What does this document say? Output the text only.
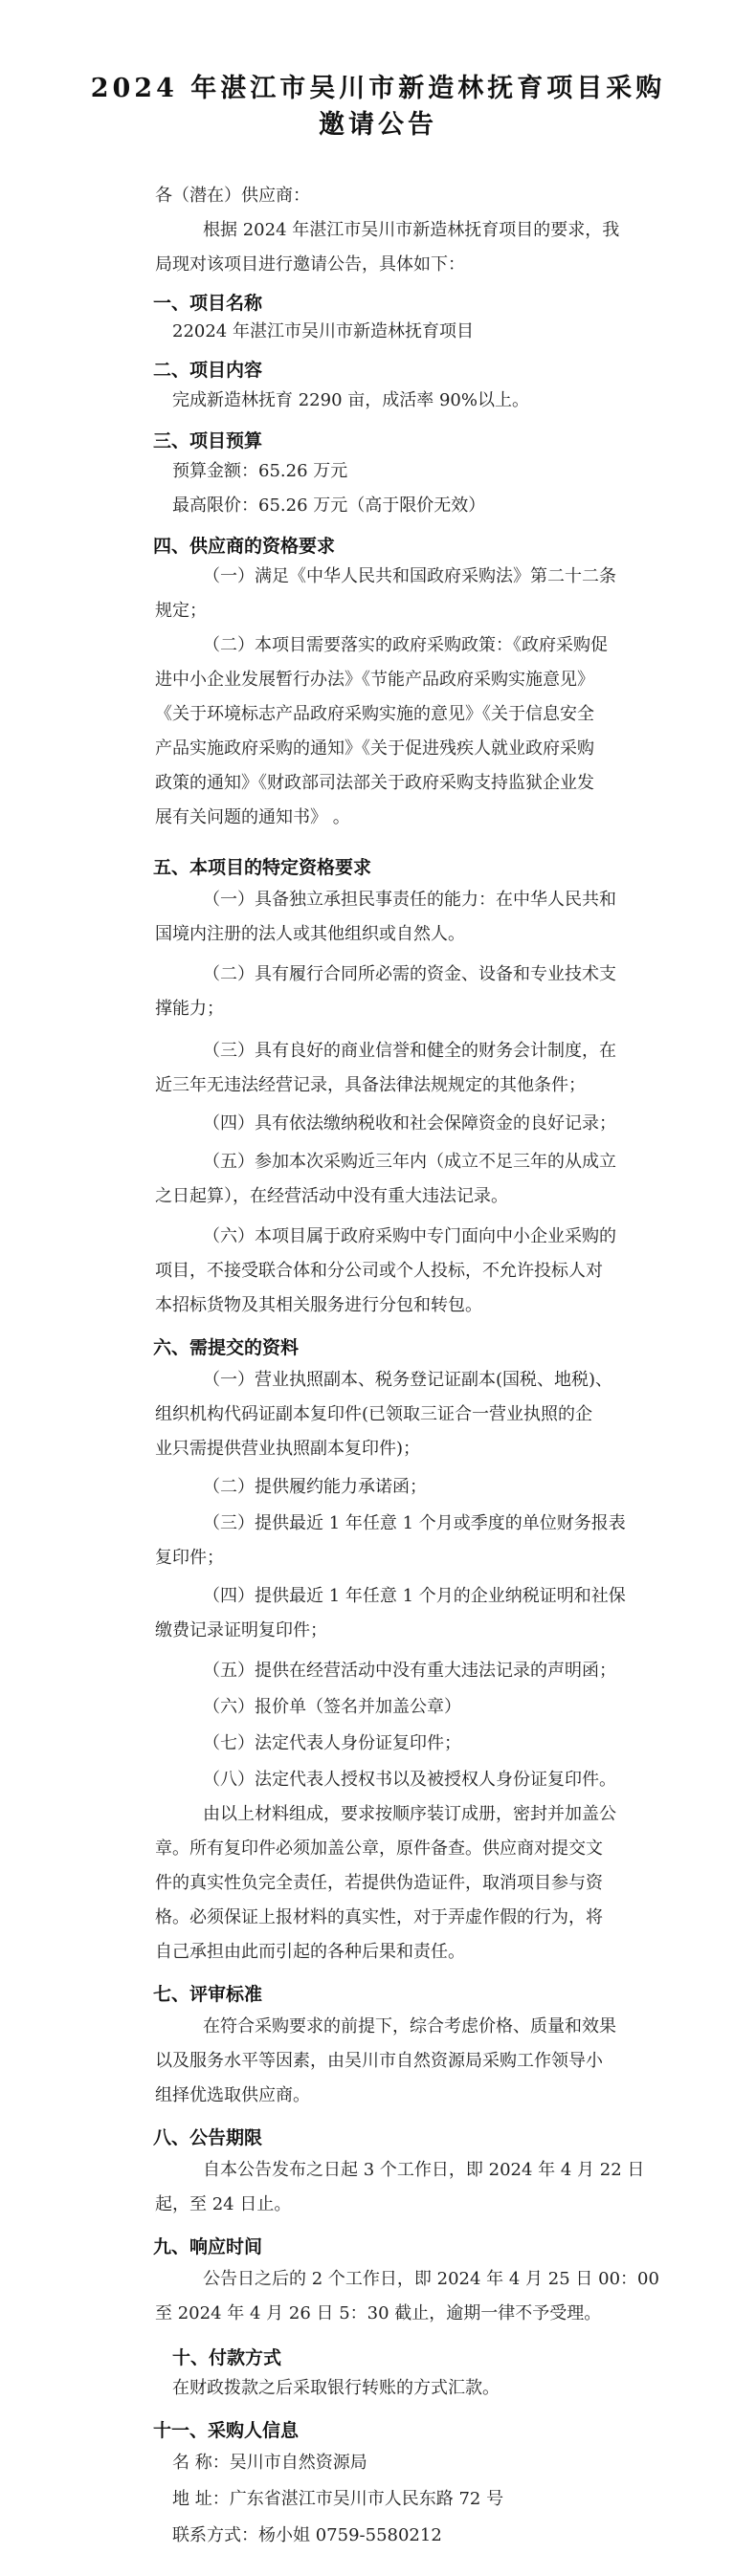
2024 年湛江市吴川市新造林抚育项目采购
邀请公告
各（潜在）供应商：
根据 2024 年湛江市吴川市新造林抚育项目的要求，我
局现对该项目进行邀请公告，具体如下：
一、项目名称
22024 年湛江市吴川市新造林抚育项目
二、项目内容
完成新造林抚育 2290 亩，成活率 90%以上。
三、项目预算
预算金额：65.26 万元
最高限价：65.26 万元（高于限价无效）
四、供应商的资格要求
（一）满足《中华人民共和国政府采购法》第二十二条
规定；
（二）本项目需要落实的政府采购政策：《政府采购促
进中小企业发展暂行办法》《节能产品政府采购实施意见》
《关于环境标志产品政府采购实施的意见》《关于信息安全
产品实施政府采购的通知》《关于促进残疾人就业政府采购
政策的通知》《财政部司法部关于政府采购支持监狱企业发
展有关问题的通知书》 。
五、本项目的特定资格要求
（一）具备独立承担民事责任的能力：在中华人民共和
国境内注册的法人或其他组织或自然人。
（二）具有履行合同所必需的资金、设备和专业技术支
撑能力；
（三）具有良好的商业信誉和健全的财务会计制度，在
近三年无违法经营记录，具备法律法规规定的其他条件；
（四）具有依法缴纳税收和社会保障资金的良好记录；
（五）参加本次采购近三年内（成立不足三年的从成立
之日起算），在经营活动中没有重大违法记录。
（六）本项目属于政府采购中专门面向中小企业采购的
项目，不接受联合体和分公司或个人投标，不允许投标人对
本招标货物及其相关服务进行分包和转包。
六、需提交的资料
（一）营业执照副本、税务登记证副本(国税、地税)、
组织机构代码证副本复印件(已领取三证合一营业执照的企
业只需提供营业执照副本复印件)；
（二）提供履约能力承诺函；
（三）提供最近 1 年任意 1 个月或季度的单位财务报表
复印件；
（四）提供最近 1 年任意 1 个月的企业纳税证明和社保
缴费记录证明复印件；
（五）提供在经营活动中没有重大违法记录的声明函；
（六）报价单（签名并加盖公章）
（七）法定代表人身份证复印件；
（八）法定代表人授权书以及被授权人身份证复印件。
由以上材料组成，要求按顺序装订成册，密封并加盖公
章。所有复印件必须加盖公章，原件备查。供应商对提交文
件的真实性负完全责任，若提供伪造证件，取消项目参与资
格。必须保证上报材料的真实性，对于弄虚作假的行为，将
自己承担由此而引起的各种后果和责任。
七、评审标准
在符合采购要求的前提下，综合考虑价格、质量和效果
以及服务水平等因素，由吴川市自然资源局采购工作领导小
组择优选取供应商。
八、公告期限
自本公告发布之日起 3 个工作日，即 2024 年 4 月 22 日
起，至 24 日止。
九、响应时间
公告日之后的 2 个工作日，即 2024 年 4 月 25 日 00：00
至 2024 年 4 月 26 日 5：30 截止，逾期一律不予受理。
十、付款方式
在财政拨款之后采取银行转账的方式汇款。
十一、采购人信息
名 称：吴川市自然资源局
地 址：广东省湛江市吴川市人民东路 72 号
联系方式：杨小姐 0759-5580212
